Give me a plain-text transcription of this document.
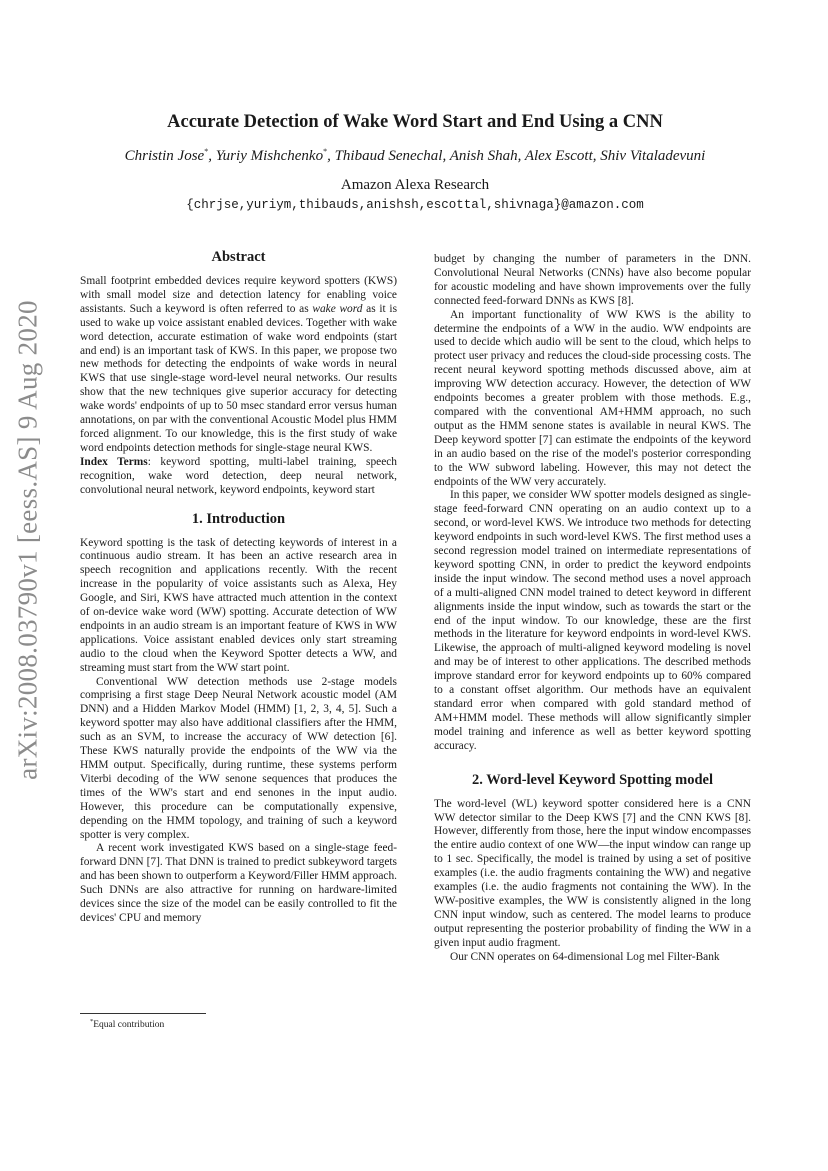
arXiv:2008.03790v1 [eess.AS] 9 Aug 2020
Accurate Detection of Wake Word Start and End Using a CNN
Christin Jose*, Yuriy Mishchenko*, Thibaud Senechal, Anish Shah, Alex Escott, Shiv Vitaladevuni
Amazon Alexa Research
{chrjse,yuriym,thibauds,anishsh,escottal,shivnaga}@amazon.com
Abstract

Small footprint embedded devices require keyword spotters (KWS) with small model size and detection latency for enabling voice assistants. Such a keyword is often referred to as wake word as it is used to wake up voice assistant enabled devices. Together with wake word detection, accurate estimation of wake word endpoints (start and end) is an important task of KWS. In this paper, we propose two new methods for detecting the endpoints of wake words in neural KWS that use single-stage word-level neural networks. Our results show that the new techniques give superior accuracy for detecting wake words' endpoints of up to 50 msec standard error versus human annotations, on par with the conventional Acoustic Model plus HMM forced alignment. To our knowledge, this is the first study of wake word endpoints detection methods for single-stage neural KWS.

Index Terms: keyword spotting, multi-label training, speech recognition, wake word detection, deep neural network, convolutional neural network, keyword endpoints, keyword start

1. Introduction

Keyword spotting is the task of detecting keywords of interest in a continuous audio stream. It has been an active research area in speech recognition and applications recently. With the recent increase in the popularity of voice assistants such as Alexa, Hey Google, and Siri, KWS have attracted much attention in the context of on-device wake word (WW) spotting. Accurate detection of WW endpoints in an audio stream is an important feature of KWS in WW applications. Voice assistant enabled devices only start streaming audio to the cloud when the Keyword Spotter detects a WW, and streaming must start from the WW start point.

Conventional WW detection methods use 2-stage models comprising a first stage Deep Neural Network acoustic model (AM DNN) and a Hidden Markov Model (HMM) [1, 2, 3, 4, 5]. Such a keyword spotter may also have additional classifiers after the HMM, such as an SVM, to increase the accuracy of WW detection [6]. These KWS naturally provide the endpoints of the WW via the HMM output. Specifically, during runtime, these systems perform Viterbi decoding of the WW senone sequences that produces the times of the WW's start and end senones in the input audio. However, this procedure can be computationally expensive, depending on the HMM topology, and training of such a keyword spotter is very complex.

A recent work investigated KWS based on a single-stage feed-forward DNN [7]. That DNN is trained to predict subkeyword targets and has been shown to outperform a Keyword/Filler HMM approach. Such DNNs are also attractive for running on hardware-limited devices since the size of the model can be easily controlled to fit the devices' CPU and memory

budget by changing the number of parameters in the DNN. Convolutional Neural Networks (CNNs) have also become popular for acoustic modeling and have shown improvements over the fully connected feed-forward DNNs as KWS [8].

An important functionality of WW KWS is the ability to determine the endpoints of a WW in the audio. WW endpoints are used to decide which audio will be sent to the cloud, which helps to protect user privacy and reduces the cloud-side processing costs. The recent neural keyword spotting methods discussed above, aim at improving WW detection accuracy. However, the detection of WW endpoints becomes a greater problem with those methods. E.g., compared with the conventional AM+HMM approach, no such output as the HMM senone states is available in neural KWS. The Deep keyword spotter [7] can estimate the endpoints of the keyword in an audio based on the rise of the model's posterior corresponding to the WW subword labeling. However, this may not detect the endpoints of the WW very accurately.

In this paper, we consider WW spotter models designed as single-stage feed-forward CNN operating on an audio context up to a second, or word-level KWS. We introduce two methods for detecting keyword endpoints in such word-level KWS. The first method uses a second regression model trained on intermediate representations of keyword spotting CNN, in order to predict the keyword endpoints inside the input window. The second method uses a novel approach of a multi-aligned CNN model trained to detect keyword in different alignments inside the input window, such as towards the start or the end of the input window. To our knowledge, these are the first methods in the literature for keyword endpoints in word-level KWS. Likewise, the approach of multi-aligned keyword modeling is novel and may be of interest to other applications. The described methods improve standard error for keyword endpoints up to 60% compared to a constant offset algorithm. Our methods have an equivalent standard error when compared with gold standard method of AM+HMM model. These methods will allow significantly simpler model training and inference as well as better keyword spotting accuracy.

2. Word-level Keyword Spotting model

The word-level (WL) keyword spotter considered here is a CNN WW detector similar to the Deep KWS [7] and the CNN KWS [8]. However, differently from those, here the input window encompasses the entire audio context of one WW—the input window can range up to 1 sec. Specifically, the model is trained by using a set of positive examples (i.e. the audio fragments containing the WW) and negative examples (i.e. the audio fragments not containing the WW). In the WW-positive examples, the WW is consistently aligned in the long CNN input window, such as centered. The model learns to produce output representing the posterior probability of finding the WW in a given input audio fragment.

Our CNN operates on 64-dimensional Log mel Filter-Bank

*Equal contribution
